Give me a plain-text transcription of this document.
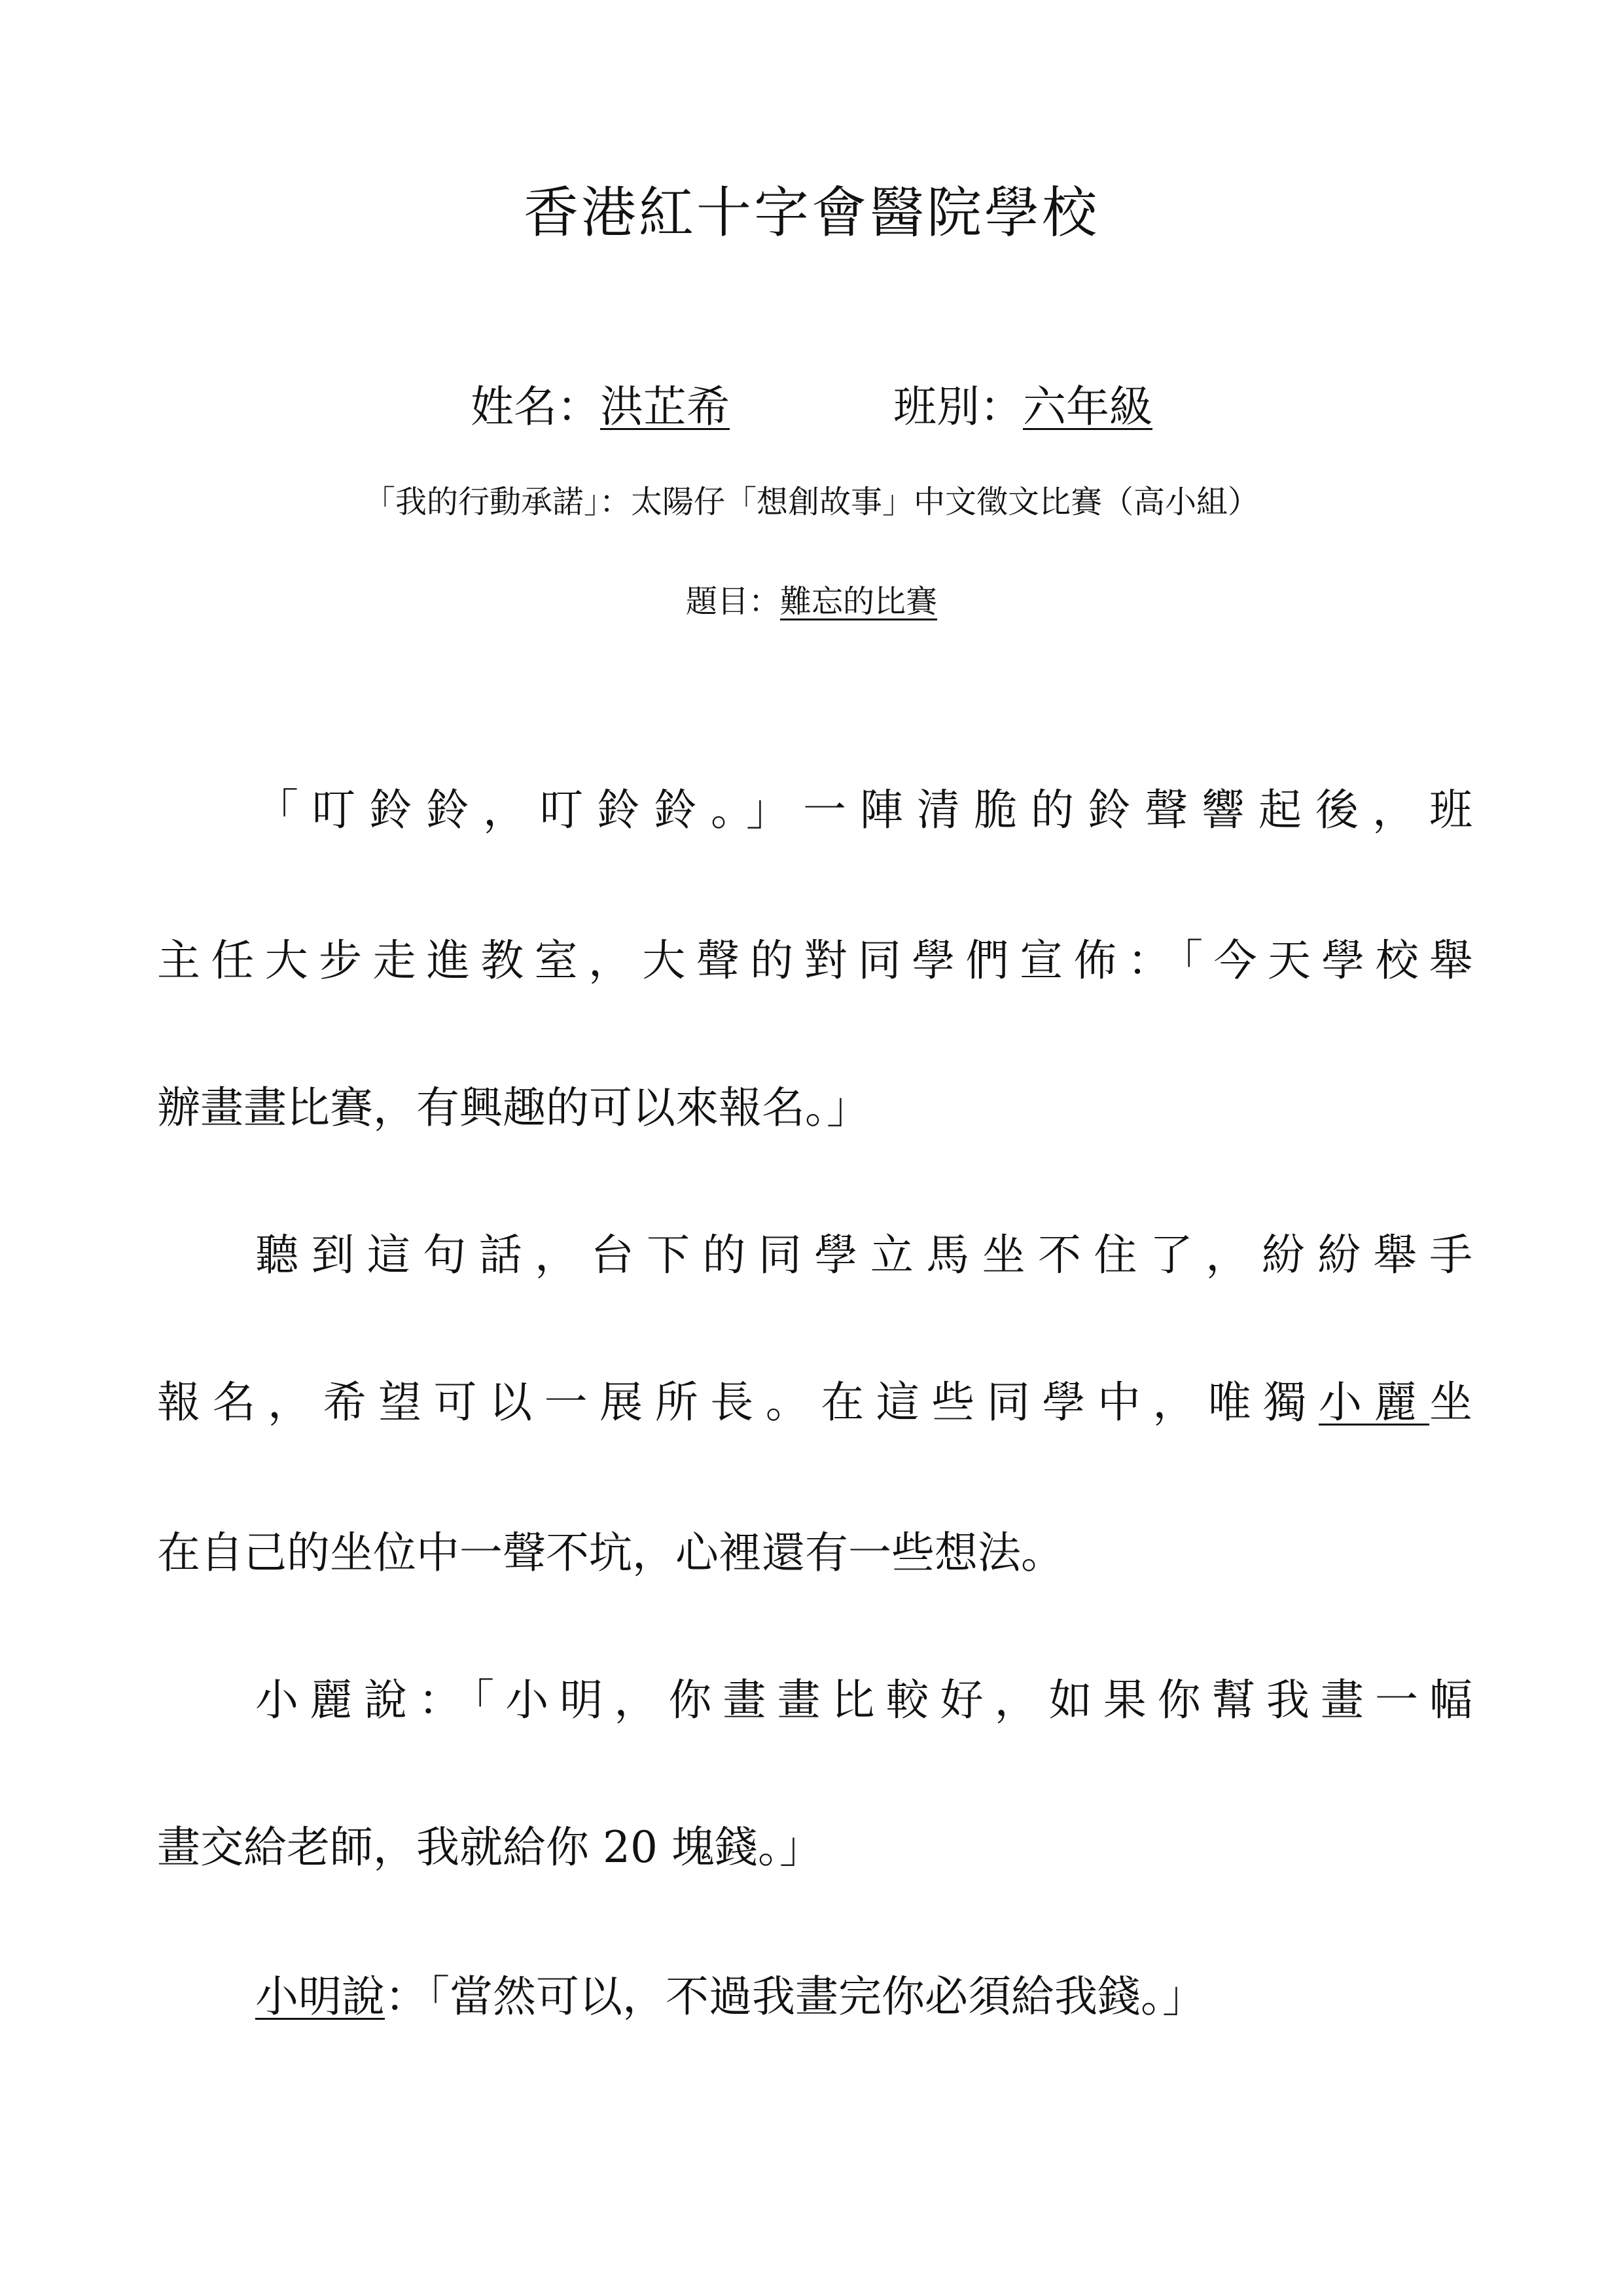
香港紅十字會醫院學校
姓名：洪芷希	班別：六年級
「我的行動承諾」：太陽仔「想創故事」中文徵文比賽（高小組）
題目：難忘的比賽
「叮鈴鈴，叮鈴鈴。」一陣清脆的鈴聲響起後，班
主任大步走進教室，大聲的對同學們宣佈：「今天學校舉
辦畫畫比賽，有興趣的可以來報名。」
聽到這句話，台下的同學立馬坐不住了，紛紛舉手
報名，希望可以一展所長。在這些同學中，唯獨小麗坐
在自己的坐位中一聲不坑，心裡還有一些想法。
小麗說：「小明，你畫畫比較好，如果你幫我畫一幅
畫交給老師，我就給你 20 塊錢。」
小明說：「當然可以，不過我畫完你必須給我錢。」
